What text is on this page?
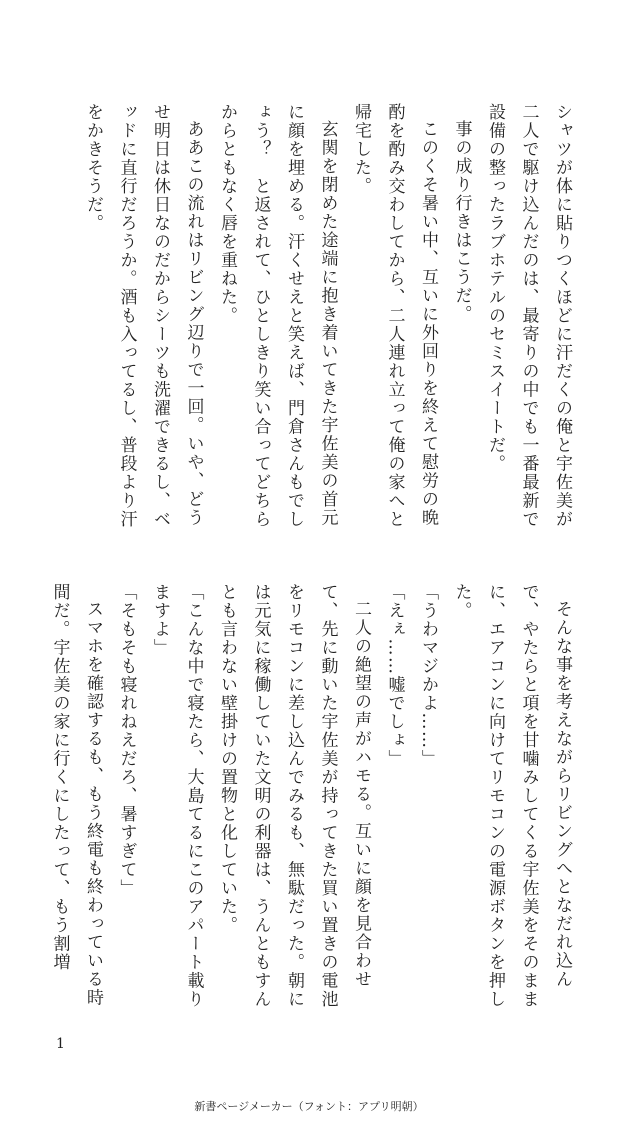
シャツが体に貼りつくほどに汗だくの俺と宇佐美が二人で駆け込んだのは、最寄りの中でも一番最新で設備の整ったラブホテルのセミスイートだ。

事の成り行きはこうだ。

このくそ暑い中、互いに外回りを終えて慰労の晩酌を酌み交わしてから、二人連れ立って俺の家へと帰宅した。

玄関を閉めた途端に抱き着いてきた宇佐美の首元に顔を埋める。汗くせえと笑えば、門倉さんもでしょう？　と返されて、ひとしきり笑い合ってどちらからともなく唇を重ねた。

ああこの流れはリビング辺りで一回。いや、どうせ明日は休日なのだからシーツも洗濯できるし、ベッドに直行だろうか。酒も入ってるし、普段より汗をかきそうだ。

そんな事を考えながらリビングへとなだれ込んで、やたらと項を甘噛みしてくる宇佐美をそのままに、エアコンに向けてリモコンの電源ボタンを押した。

「うわマジかよ……」

「えぇ……嘘でしょ」

二人の絶望の声がハモる。互いに顔を見合わせて、先に動いた宇佐美が持ってきた買い置きの電池をリモコンに差し込んでみるも、無駄だった。朝には元気に稼働していた文明の利器は、うんともすんとも言わない壁掛けの置物と化していた。

「こんな中で寝たら、大島てるにこのアパート載りますよ」

「そもそも寝れねえだろ、暑すぎて」

スマホを確認するも、もう終電も終わっている時間だ。宇佐美の家に行くにしたって、もう割増

1
新書ページメーカー（フォント：アプリ明朝）
